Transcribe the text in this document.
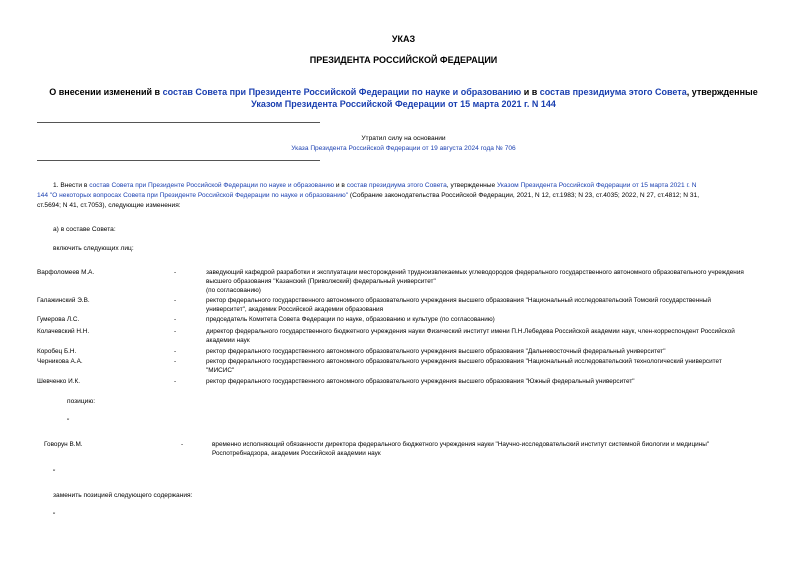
УКАЗ
ПРЕЗИДЕНТА РОССИЙСКОЙ ФЕДЕРАЦИИ
О внесении изменений в состав Совета при Президенте Российской Федерации по науке и образованию и в состав президиума этого Совета, утвержденные
Указом Президента Российской Федерации от 15 марта 2021 г. N 144
Утратил силу на основании
Указа Президента Российской Федерации от 19 августа 2024 года № 706
1. Внести в состав Совета при Президенте Российской Федерации по науке и образованию и в состав президиума этого Совета, утвержденные Указом Президента Российской Федерации от 15 марта 2021 г. N
144 "О некоторых вопросах Совета при Президенте Российской Федерации по науке и образованию" (Собрание законодательства Российской Федерации, 2021, N 12, ст.1983; N 23, ст.4035; 2022, N 27, ст.4812; N 31,
ст.5694; N 41, ст.7053), следующие изменения:
а) в составе Совета:
включить следующих лиц:
Варфоломеев М.А.	-	заведующий кафедрой разработки и эксплуатации месторождений трудноизвлекаемых углеводородов федерального государственного автономного образовательного учреждения
высшего образования "Казанский (Приволжский) федеральный университет"
(по согласованию)
Галажинский Э.В.	-	ректор федерального государственного автономного образовательного учреждения высшего образования "Национальный исследовательский Томский государственный
университет", академик Российской академии образования
Гумерова Л.С.	-	председатель Комитета Совета Федерации по науке, образованию и культуре (по согласованию)
Колачевский Н.Н.	-	директор федерального государственного бюджетного учреждения науки Физический институт имени П.Н.Лебедева Российской академии наук, член-корреспондент Российской
академии наук
Коробец Б.Н.	-	ректор федерального государственного автономного образовательного учреждения высшего образования "Дальневосточный федеральный университет"
Черникова А.А.	-	ректор федерального государственного автономного образовательного учреждения высшего образования "Национальный исследовательский технологический университет
"МИСИС"
Шевченко И.К.	-	ректор федерального государственного автономного образовательного учреждения высшего образования "Южный федеральный университет"
позицию:
"
Говорун В.М.	-	временно исполняющий обязанности директора федерального бюджетного учреждения науки "Научно-исследовательский институт системной биологии и медицины"
Роспотребнадзора, академик Российской академии наук
"
заменить позицией следующего содержания:
"
